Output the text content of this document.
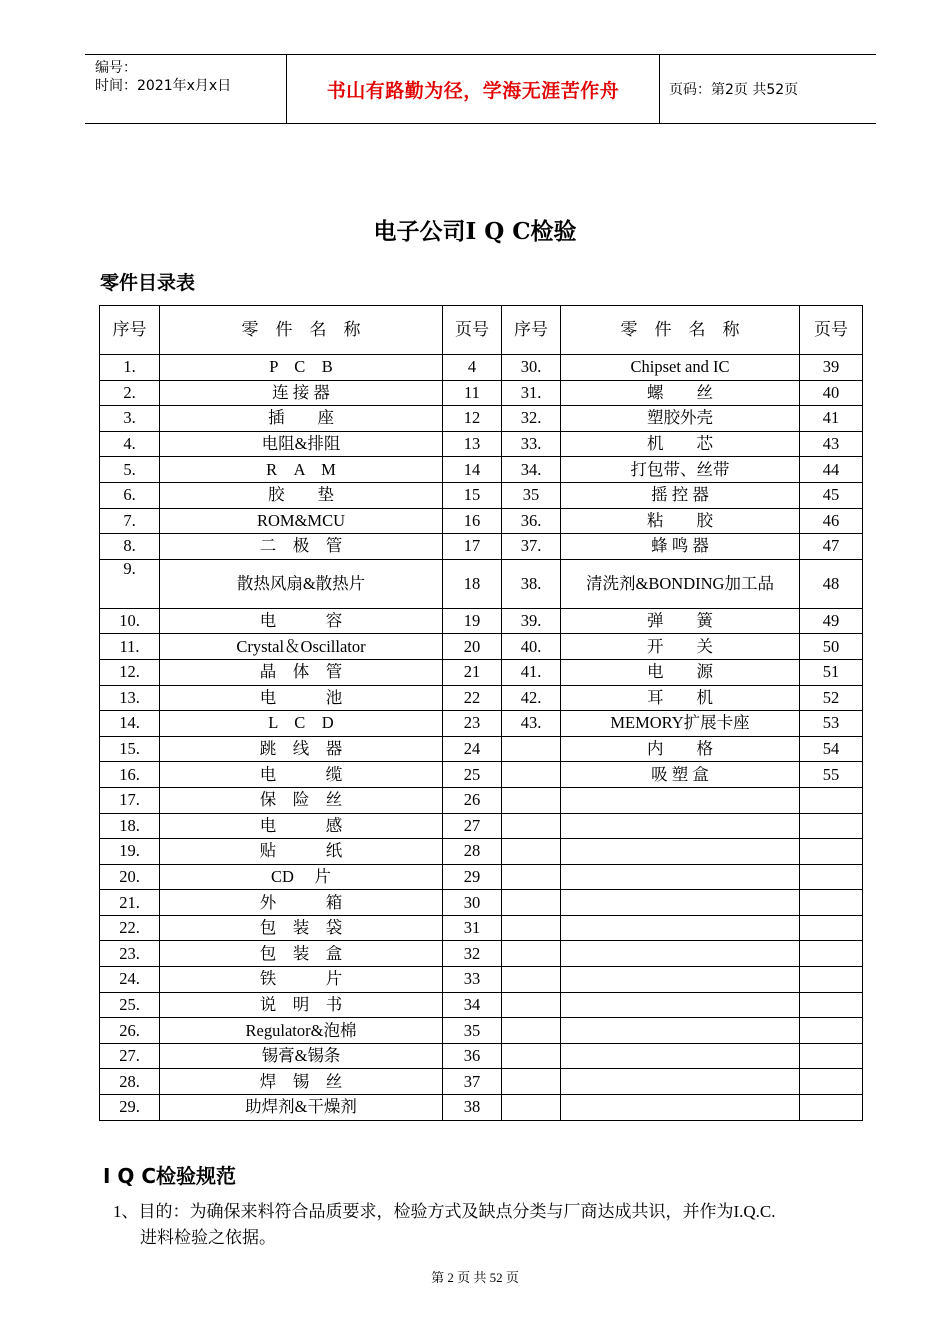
编号：
时间：2021年x月x日	书山有路勤为径，学海无涯苦作舟	页码：第2页 共52页
电子公司I Q C检验
零件目录表
序号	零　件　名　称	页号	序号	零　件　名　称	页号
1.	P　C　B	4	30.	Chipset and IC	39
2.	连 接 器	11	31.	螺　　丝	40
3.	插　　座	12	32.	塑胶外壳	41
4.	电阻&排阻	13	33.	机　　芯	43
5.	R　A　M	14	34.	打包带、丝带	44
6.	胶　　垫	15	35	摇 控 器	45
7.	ROM&MCU	16	36.	粘　　胶	46
8.	二　极　管	17	37.	蜂 鸣 器	47
9.	散热风扇&散热片	18	38.	清洗剂&BONDING加工品	48
10.	电　　　容	19	39.	弹　　簧	49
11.	Crystal＆Oscillator	20	40.	开　　关	50
12.	晶　体　管	21	41.	电　　源	51
13.	电　　　池	22	42.	耳　　机	52
14.	L　C　D	23	43.	MEMORY扩展卡座	53
15.	跳　线　器	24		内　　格	54
16.	电　　　缆	25		吸 塑 盒	55
17.	保　险　丝	26			
18.	电　　　感	27			
19.	贴　　　纸	28			
20.	CD　 片	29			
21.	外　　　箱	30			
22.	包　装　袋	31			
23.	包　装　盒	32			
24.	铁　　　片	33			
25.	说　明　书	34			
26.	Regulator&泡棉	35			
27.	锡膏&锡条	36			
28.	焊　锡　丝	37			
29.	助焊剂&干燥剂	38			
I Q C检验规范
1、目的：为确保来料符合品质要求，检验方式及缺点分类与厂商达成共识，并作为I.Q.C.
进料检验之依据。
第 2 页 共 52 页
